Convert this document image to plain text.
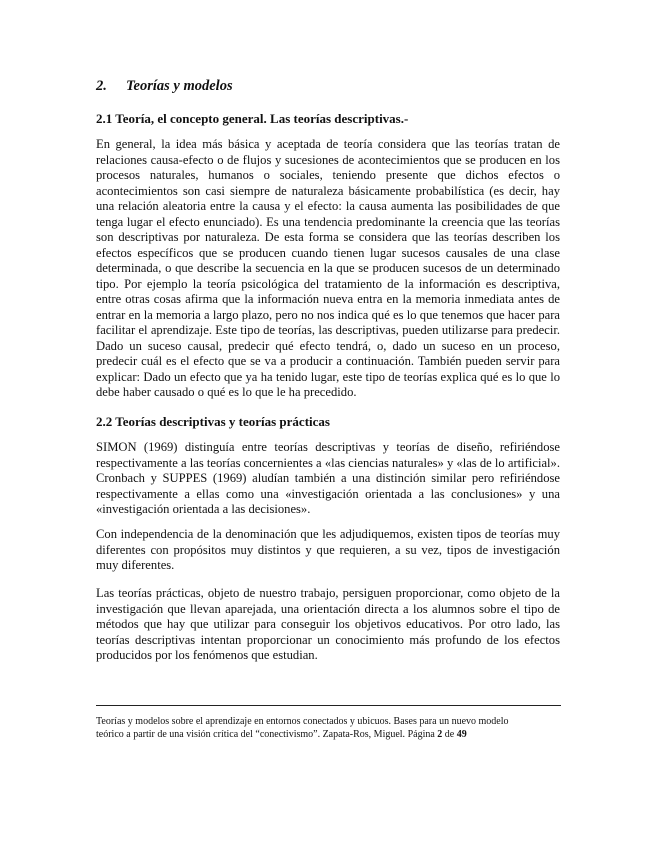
2. Teorías y modelos
2.1 Teoría, el concepto general. Las teorías descriptivas.-

En general, la idea más básica y aceptada de teoría considera que las teorías tratan de relaciones causa-efecto o de flujos y sucesiones de acontecimientos que se producen en los procesos naturales, humanos o sociales, teniendo presente que dichos efectos o acontecimientos son casi siempre de naturaleza básicamente probabilística (es decir, hay una relación aleatoria entre la causa y el efecto: la causa aumenta las posibilidades de que tenga lugar el efecto enunciado). Es una tendencia predominante la creencia que las teorías son descriptivas por naturaleza. De esta forma se considera que las teorías describen los efectos específicos que se producen cuando tienen lugar sucesos causales de una clase determinada, o que describe la secuencia en la que se producen sucesos de un determinado tipo. Por ejemplo la teoría psicológica del tratamiento de la información es descriptiva, entre otras cosas afirma que la información nueva entra en la memoria inmediata antes de entrar en la memoria a largo plazo, pero no nos indica qué es lo que tenemos que hacer para facilitar el aprendizaje. Este tipo de teorías, las descriptivas, pueden utilizarse para predecir. Dado un suceso causal, predecir qué efecto tendrá, o, dado un suceso en un proceso, predecir cuál es el efecto que se va a producir a continuación. También pueden servir para explicar: Dado un efecto que ya ha tenido lugar, este tipo de teorías explica qué es lo que lo debe haber causado o qué es lo que le ha precedido.

2.2 Teorías descriptivas y teorías prácticas

SIMON (1969) distinguía entre teorías descriptivas y teorías de diseño, refiriéndose respectivamente a las teorías concernientes a «las ciencias naturales» y «las de lo artificial». Cronbach y SUPPES (1969) aludían también a una distinción similar pero refiriéndose respectivamente a ellas como una «investigación orientada a las conclusiones» y una «investigación orientada a las decisiones».

Con independencia de la denominación que les adjudiquemos, existen tipos de teorías muy diferentes con propósitos muy distintos y que requieren, a su vez, tipos de investigación muy diferentes.

Las teorías prácticas, objeto de nuestro trabajo, persiguen proporcionar, como objeto de la investigación que llevan aparejada, una orientación directa a los alumnos sobre el tipo de métodos que hay que utilizar para conseguir los objetivos educativos. Por otro lado, las teorías descriptivas intentan proporcionar un conocimiento más profundo de los efectos producidos por los fenómenos que estudian.

Teorías y modelos sobre el aprendizaje en entornos conectados y ubicuos. Bases para un nuevo modelo
teórico a partir de una visión crítica del “conectivismo”. Zapata-Ros, Miguel. Página 2 de 49
